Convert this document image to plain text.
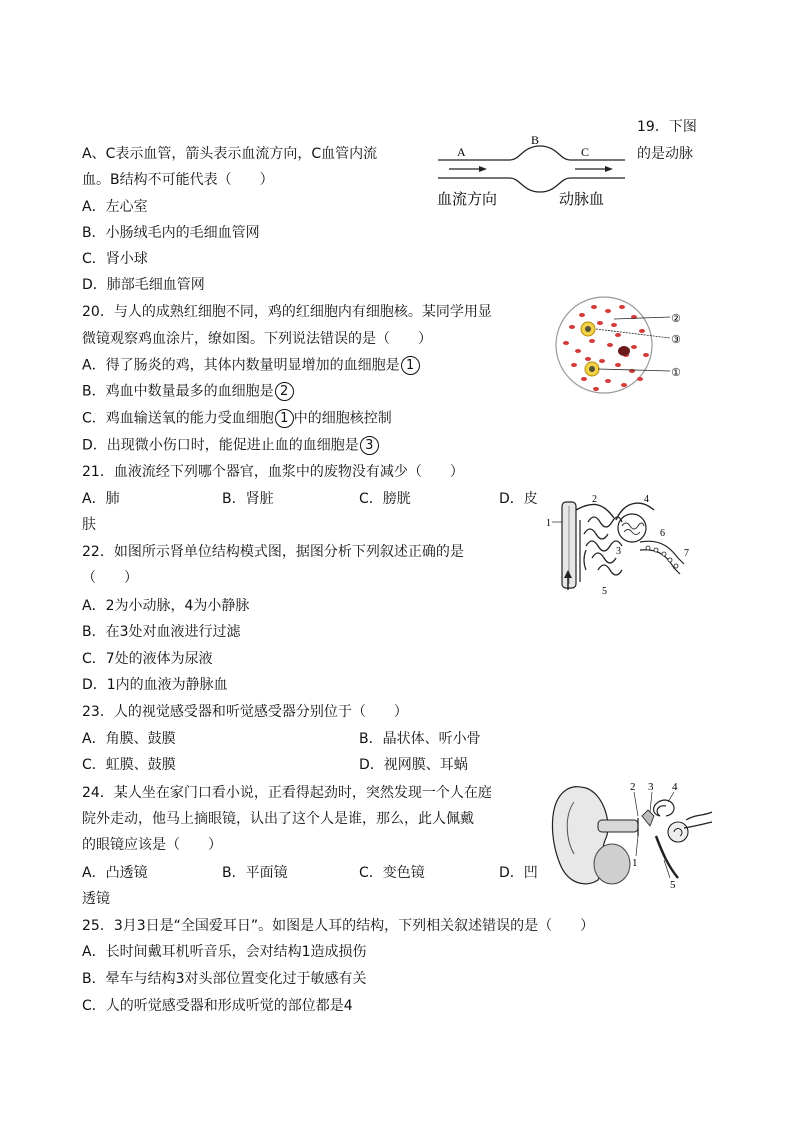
19．下图
A、C表示血管，箭头表示血流方向，C血管内流	的是动脉
血。B结构不可能代表（　　）
A．左心室
B．小肠绒毛内的毛细血管网
C．肾小球
D．肺部毛细血管网
A
B
C
血流方向	动脉血
20．与人的成熟红细胞不同，鸡的红细胞内有细胞核。某同学用显
微镜观察鸡血涂片，缭如图。下列说法错误的是（　　）
A．得了肠炎的鸡，其体内数量明显增加的血细胞是 1
B．鸡血中数量最多的血细胞是 2
C．鸡血输送氧的能力受血细胞 1 中的细胞核控制
D．出现微小伤口时，能促进止血的血细胞是 3
②
③
①
21．血液流经下列哪个器官，血浆中的废物没有减少（　　）
A．肺	B．肾脏	C．膀胱	D．皮
肤
22．如图所示肾单位结构模式图，据图分析下列叙述正确的是
（　　）
A．2为小动脉，4为小静脉
B．在3处对血液进行过滤
C．7处的液体为尿液
D．1内的血液为静脉血
1
2
3
4
5
6
7
23．人的视觉感受器和听觉感受器分别位于（　　）
A．角膜、鼓膜	B．晶状体、听小骨
C．虹膜、鼓膜	D．视网膜、耳蜗
24．某人坐在家门口看小说，正看得起劲时，突然发现一个人在庭
院外走动，他马上摘眼镜，认出了这个人是谁，那么，此人佩戴
的眼镜应该是（　　）
A．凸透镜	B．平面镜	C．变色镜	D．凹
透镜
2 3 4
1
5
25．3月3日是“全国爱耳日”。如图是人耳的结构，下列相关叙述错误的是（　　）
A．长时间戴耳机听音乐，会对结构1造成损伤
B．晕车与结构3对头部位置变化过于敏感有关
C．人的听觉感受器和形成听觉的部位都是4
